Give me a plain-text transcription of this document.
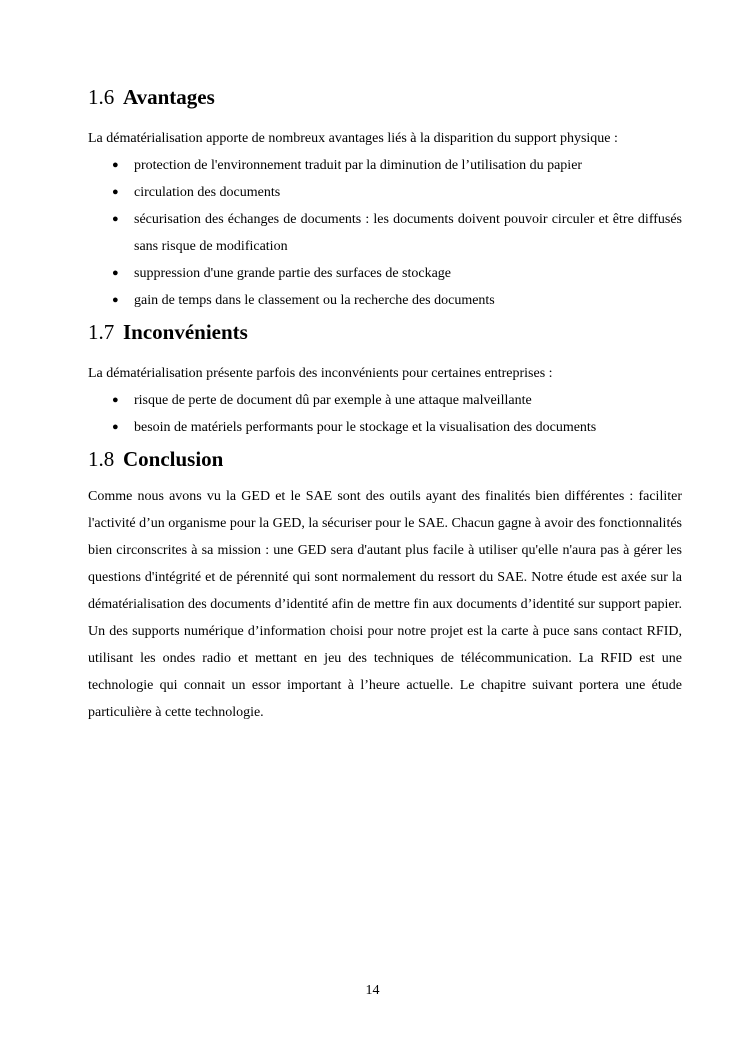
1.6 Avantages

La dématérialisation apporte de nombreux avantages liés à la disparition du support physique :

● protection de l'environnement traduit par la diminution de l’utilisation du papier
● circulation des documents
● sécurisation des échanges de documents : les documents doivent pouvoir circuler et être diffusés sans risque de modification
● suppression d'une grande partie des surfaces de stockage
● gain de temps dans le classement ou la recherche des documents
1.7 Inconvénients

La dématérialisation présente parfois des inconvénients pour certaines entreprises :

● risque de perte de document dû par exemple à une attaque malveillante
● besoin de matériels performants pour le stockage et la visualisation des documents
1.8 Conclusion

Comme nous avons vu la GED et le SAE sont des outils ayant des finalités bien différentes : faciliter l'activité d’un organisme pour la GED, la sécuriser pour le SAE. Chacun gagne à avoir des fonctionnalités bien circonscrites à sa mission : une GED sera d'autant plus facile à utiliser qu'elle n'aura pas à gérer les questions d'intégrité et de pérennité qui sont normalement du ressort du SAE. Notre étude est axée sur la dématérialisation des documents d’identité afin de mettre fin aux documents d’identité sur support papier. Un des supports numérique d’information choisi pour notre projet est la carte à puce sans contact RFID, utilisant les ondes radio et mettant en jeu des techniques de télécommunication. La RFID est une technologie qui connait un essor important à l’heure actuelle. Le chapitre suivant portera une étude particulière à cette technologie.

14
